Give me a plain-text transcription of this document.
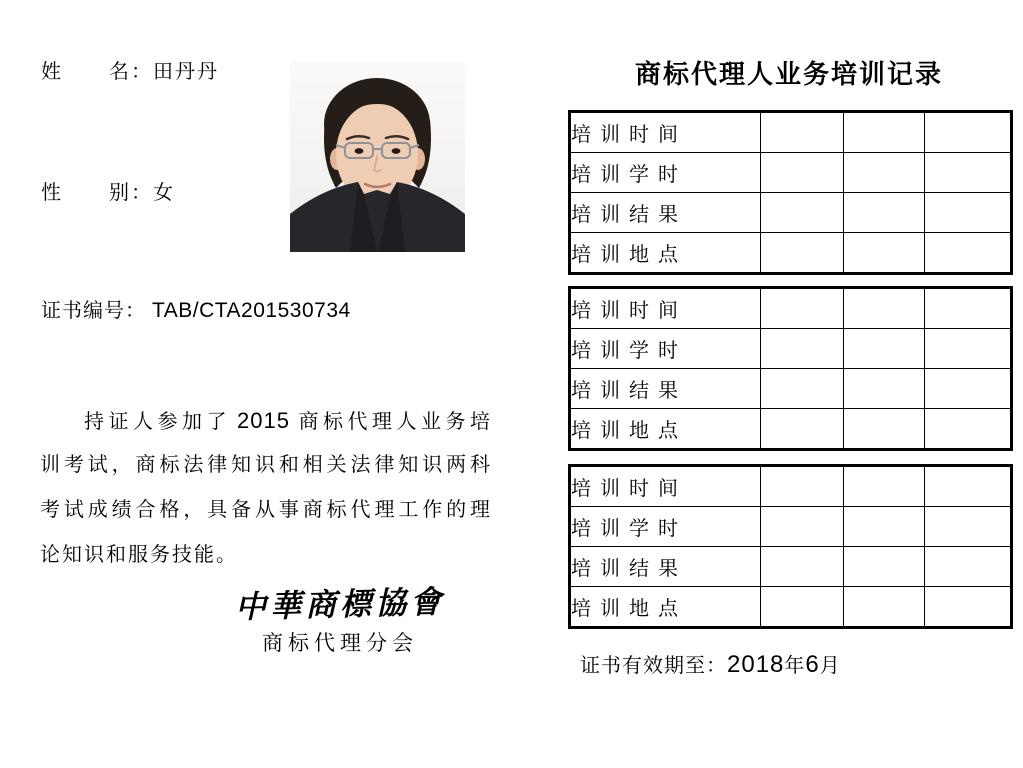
姓 名：田丹丹
性 别：女
证书编号： TAB/CTA201530734
持证人参加了 2015 商标代理人业务培
训考试，商标法律知识和相关法律知识两科
考试成绩合格，具备从事商标代理工作的理
论知识和服务技能。
中華商標協會
商标代理分会
商标代理人业务培训记录
培训时间			
培训学时			
培训结果			
培训地点			
培训时间			
培训学时			
培训结果			
培训地点			
培训时间			
培训学时			
培训结果			
培训地点			
证书有效期至：2018年6月
